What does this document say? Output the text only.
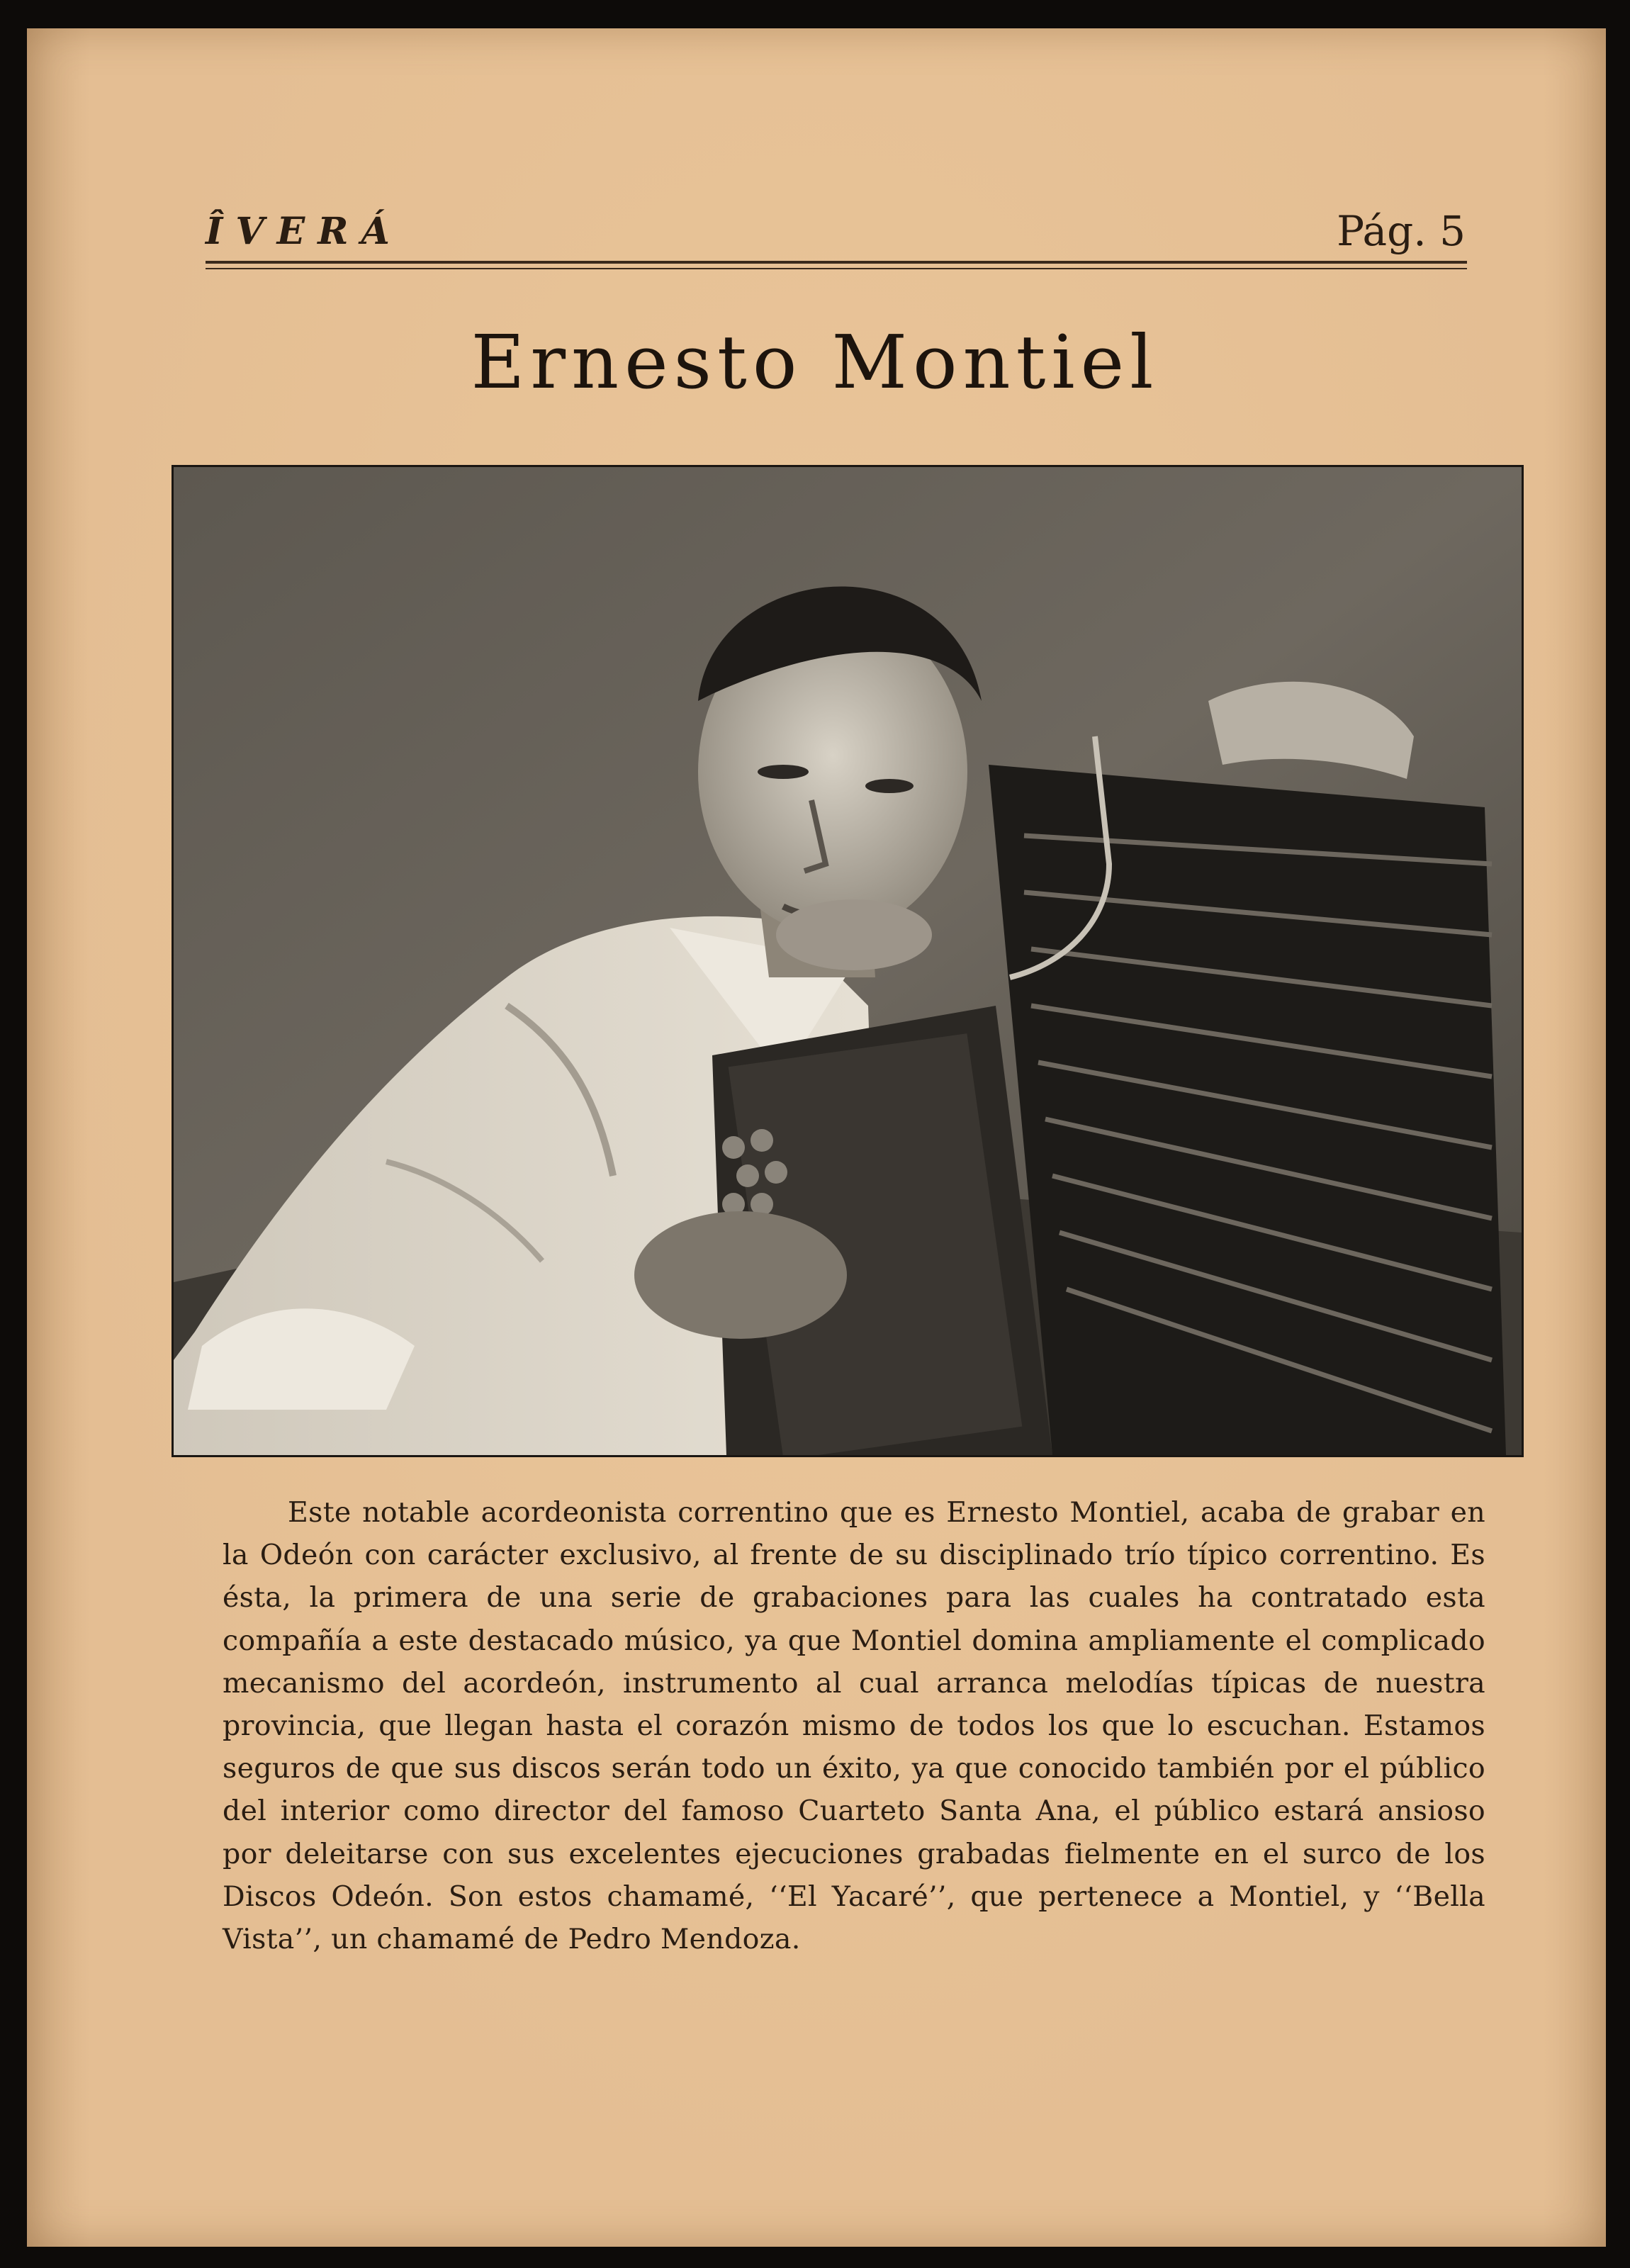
ÎVERÁ	Pág. 5
Ernesto Montiel

Este notable acordeonista correntino que es Ernesto Montiel, acaba de grabar en la Odeón con carácter exclusivo, al frente de su disciplinado trío típico correntino. Es ésta, la primera de una serie de grabaciones para las cuales ha contratado esta compañía a este destacado músico, ya que Montiel domina ampliamente el complicado mecanismo del acordeón, instrumento al cual arranca melodías típicas de nuestra provincia, que llegan hasta el corazón mismo de todos los que lo escuchan. Estamos seguros de que sus discos serán todo un éxito, ya que conocido también por el público del interior como director del famoso Cuarteto Santa Ana, el público estará ansioso por deleitarse con sus excelentes ejecuciones grabadas fielmente en el surco de los Discos Odeón. Son estos chamamé, ‘‘El Yacaré’’, que pertenece a Montiel, y ‘‘Bella Vista’’, un chamamé de Pedro Mendoza.
